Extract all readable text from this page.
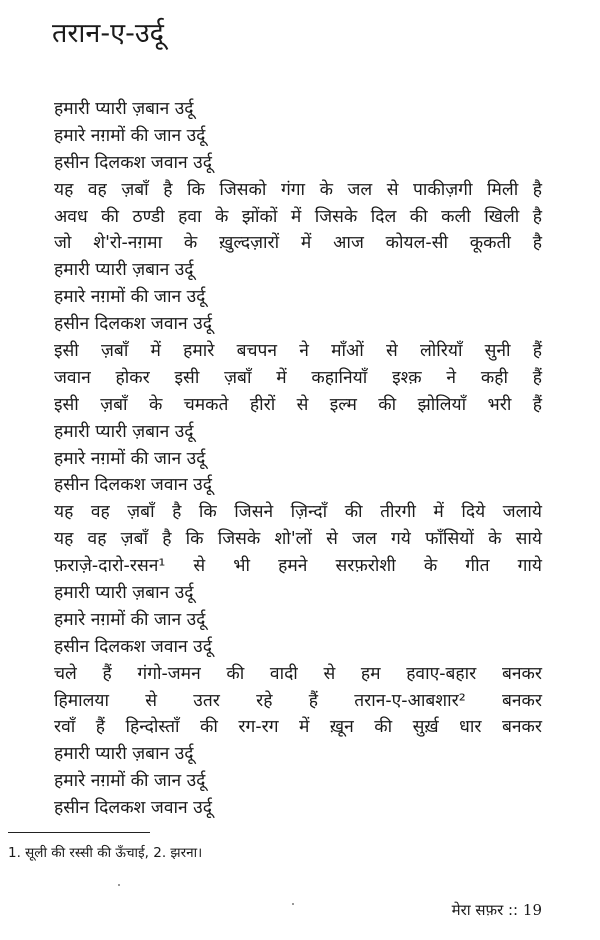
तरान-ए-उर्दू
हमारी प्यारी ज़बान उर्दू
हमारे नग़मों की जान उर्दू
हसीन दिलकश जवान उर्दू
यह वह ज़बाँ है कि जिसको गंगा के जल से पाकीज़गी मिली है
अवध की ठण्डी हवा के झोंकों में जिसके दिल की कली खिली है
जो शे'रो-नग़मा के ख़ुल्दज़ारों में आज कोयल-सी कूकती है
हमारी प्यारी ज़बान उर्दू
हमारे नग़मों की जान उर्दू
हसीन दिलकश जवान उर्दू
इसी ज़बाँ में हमारे बचपन ने माँओं से लोरियाँ सुनी हैं
जवान होकर इसी ज़बाँ में कहानियाँ इश्क़ ने कही हैं
इसी ज़बाँ के चमकते हीरों से इल्म की झोलियाँ भरी हैं
हमारी प्यारी ज़बान उर्दू
हमारे नग़मों की जान उर्दू
हसीन दिलकश जवान उर्दू
यह वह ज़बाँ है कि जिसने ज़िन्दाँ की तीरगी में दिये जलाये
यह वह ज़बाँ है कि जिसके शो'लों से जल गये फाँसियों के साये
फ़राज़े-दारो-रसन¹ से भी हमने सरफ़रोशी के गीत गाये
हमारी प्यारी ज़बान उर्दू
हमारे नग़मों की जान उर्दू
हसीन दिलकश जवान उर्दू
चले हैं गंगो-जमन की वादी से हम हवाए-बहार बनकर
हिमालया से उतर रहे हैं तरान-ए-आबशार² बनकर
रवाँ हैं हिन्दोस्ताँ की रग-रग में ख़ून की सुर्ख़ धार बनकर
हमारी प्यारी ज़बान उर्दू
हमारे नग़मों की जान उर्दू
हसीन दिलकश जवान उर्दू
1. सूली की रस्सी की ऊँचाई, 2. झरना।
मेरा सफ़र :: 19
